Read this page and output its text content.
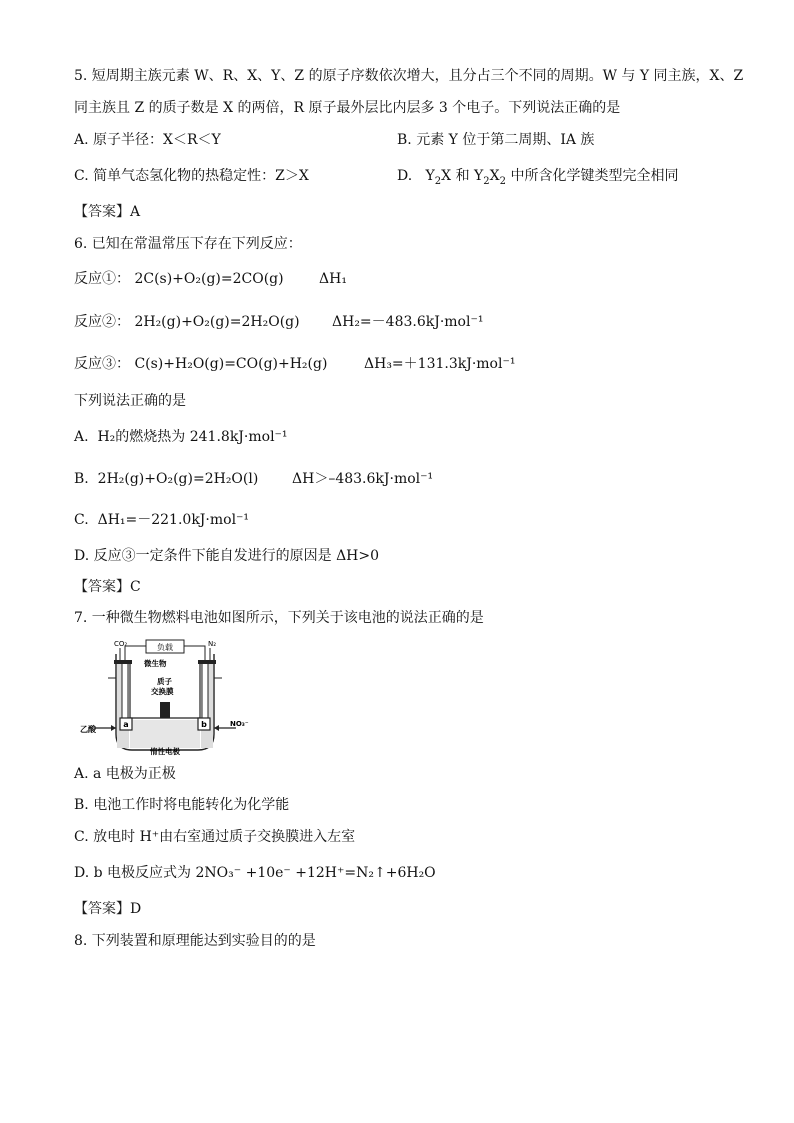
5. 短周期主族元素 W、R、X、Y、Z 的原子序数依次增大，且分占三个不同的周期。W 与 Y 同主族，X、Z
同主族且 Z 的质子数是 X 的两倍，R 原子最外层比内层多 3 个电子。下列说法正确的是
A. 原子半径：X＜R＜Y	B. 元素 Y 位于第二周期、ⅠA 族
C. 简单气态氢化物的热稳定性：Z＞X	D. $Y_2X$ 和 $Y_2X_2$ 中所含化学键类型完全相同
【答案】A
6. 已知在常温常压下存在下列反应：
反应①： 2C(s)+O₂(g)=2CO(g)	ΔH₁
反应②： 2H₂(g)+O₂(g)=2H₂O(g) ΔH₂=－483.6kJ·mol⁻¹
反应③： C(s)+H₂O(g)=CO(g)+H₂(g)	ΔH₃=＋131.3kJ·mol⁻¹
下列说法正确的是
A. H₂的燃烧热为 241.8kJ·mol⁻¹
B. 2H₂(g)+O₂(g)=2H₂O(l) ΔH＞–483.6kJ·mol⁻¹
C. ΔH₁=－221.0kJ·mol⁻¹
D. 反应③一定条件下能自发进行的原因是 ΔH>0
【答案】C
7. 一种微生物燃料电池如图所示，下列关于该电池的说法正确的是
负载
CO₂	N₂
微生物
质子
交换膜
乙酸
NO₃⁻
a	b
惰性电极
A. a 电极为正极
B. 电池工作时将电能转化为化学能
C. 放电时 H⁺由右室通过质子交换膜进入左室
D. b 电极反应式为 2NO₃⁻ +10e⁻ +12H⁺=N₂↑+6H₂O
【答案】D
8. 下列装置和原理能达到实验目的的是
